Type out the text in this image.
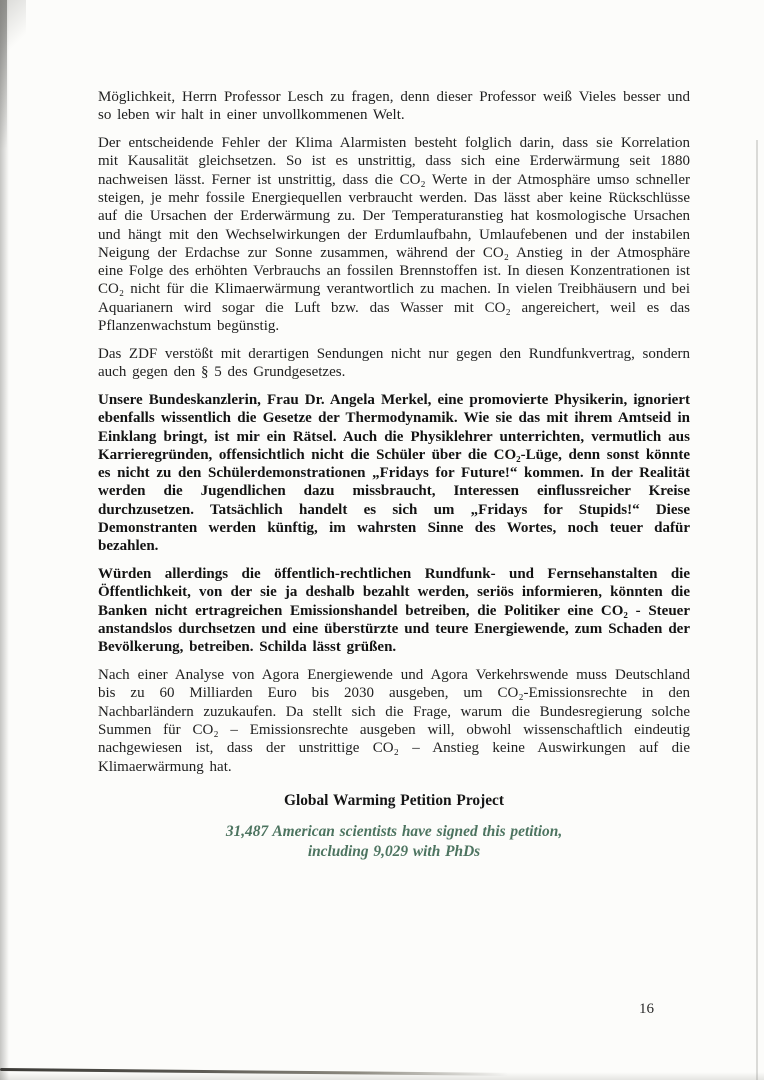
Möglichkeit, Herrn Professor Lesch zu fragen, denn dieser Professor weiß Vieles besser und so leben wir halt in einer unvollkommenen Welt.

Der entscheidende Fehler der Klima Alarmisten besteht folglich darin, dass sie Korrelation mit Kausalität gleichsetzen. So ist es unstrittig, dass sich eine Erderwärmung seit 1880 nachweisen lässt. Ferner ist unstrittig, dass die CO₂ Werte in der Atmosphäre umso schneller steigen, je mehr fossile Energiequellen verbraucht werden. Das lässt aber keine Rückschlüsse auf die Ursachen der Erderwärmung zu. Der Temperaturanstieg hat kosmologische Ursachen und hängt mit den Wechselwirkungen der Erdumlaufbahn, Umlaufebenen und der instabilen Neigung der Erdachse zur Sonne zusammen, während der CO₂ Anstieg in der Atmosphäre eine Folge des erhöhten Verbrauchs an fossilen Brennstoffen ist. In diesen Konzentrationen ist CO₂ nicht für die Klimaerwärmung verantwortlich zu machen. In vielen Treibhäusern und bei Aquarianern wird sogar die Luft bzw. das Wasser mit CO₂ angereichert, weil es das Pflanzenwachstum begünstig.

Das ZDF verstößt mit derartigen Sendungen nicht nur gegen den Rundfunkvertrag, sondern auch gegen den § 5 des Grundgesetzes.

Unsere Bundeskanzlerin, Frau Dr. Angela Merkel, eine promovierte Physikerin, ignoriert ebenfalls wissentlich die Gesetze der Thermodynamik. Wie sie das mit ihrem Amtseid in Einklang bringt, ist mir ein Rätsel. Auch die Physiklehrer unterrichten, vermutlich aus Karrieregründen, offensichtlich nicht die Schüler über die CO₂-Lüge, denn sonst könnte es nicht zu den Schülerdemonstrationen „Fridays for Future!“ kommen. In der Realität werden die Jugendlichen dazu missbraucht, Interessen einflussreicher Kreise durchzusetzen. Tatsächlich handelt es sich um „Fridays for Stupids!“ Diese Demonstranten werden künftig, im wahrsten Sinne des Wortes, noch teuer dafür bezahlen.

Würden allerdings die öffentlich-rechtlichen Rundfunk- und Fernsehanstalten die Öffentlichkeit, von der sie ja deshalb bezahlt werden, seriös informieren, könnten die Banken nicht ertragreichen Emissionshandel betreiben, die Politiker eine CO₂ - Steuer anstandslos durchsetzen und eine überstürzte und teure Energiewende, zum Schaden der Bevölkerung, betreiben. Schilda lässt grüßen.

Nach einer Analyse von Agora Energiewende und Agora Verkehrswende muss Deutschland bis zu 60 Milliarden Euro bis 2030 ausgeben, um CO₂-Emissionsrechte in den Nachbarländern zuzukaufen. Da stellt sich die Frage, warum die Bundesregierung solche Summen für CO₂ – Emissionsrechte ausgeben will, obwohl wissenschaftlich eindeutig nachgewiesen ist, dass der unstrittige CO₂ – Anstieg keine Auswirkungen auf die Klimaerwärmung hat.

Global Warming Petition Project
31,487 American scientists have signed this petition,
including 9,029 with PhDs
16
